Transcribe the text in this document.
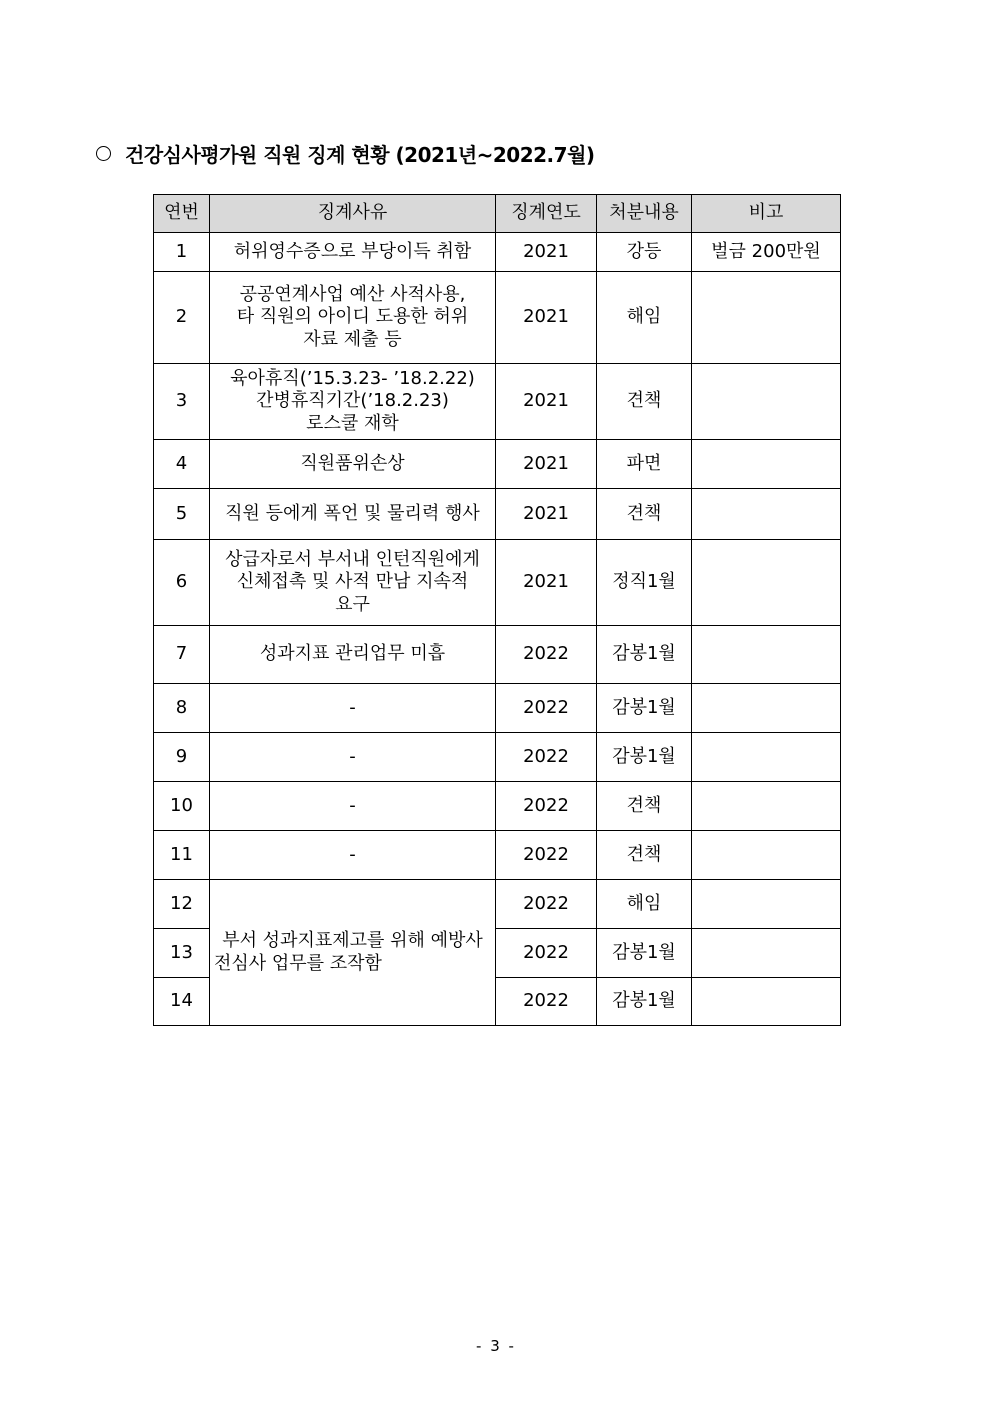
건강심사평가원 직원 징계 현황 (2021년~2022.7월)
연번	징계사유	징계연도	처분내용	비고
1	허위영수증으로 부당이득 취함	2021	강등	벌금 200만원
2	공공연계사업 예산 사적사용,
타 직원의 아이디 도용한 허위
자료 제출 등	2021	해임	
3	육아휴직(’15.3.23- ’18.2.22)
간병휴직기간(’18.2.23)
로스쿨 재학	2021	견책	
4	직원품위손상	2021	파면	
5	직원 등에게 폭언 및 물리력 행사	2021	견책	
6	상급자로서 부서내 인턴직원에게
신체접촉 및 사적 만남 지속적
요구	2021	정직1월	
7	성과지표 관리업무 미흡	2022	감봉1월	
8	-	2022	감봉1월	
9	-	2022	감봉1월	
10	-	2022	견책	
11	-	2022	견책	
12	부서 성과지표제고를 위해 예방사전심사 업무를 조작함	2022	해임	
13		2022	감봉1월	
14		2022	감봉1월	
- 3 -
